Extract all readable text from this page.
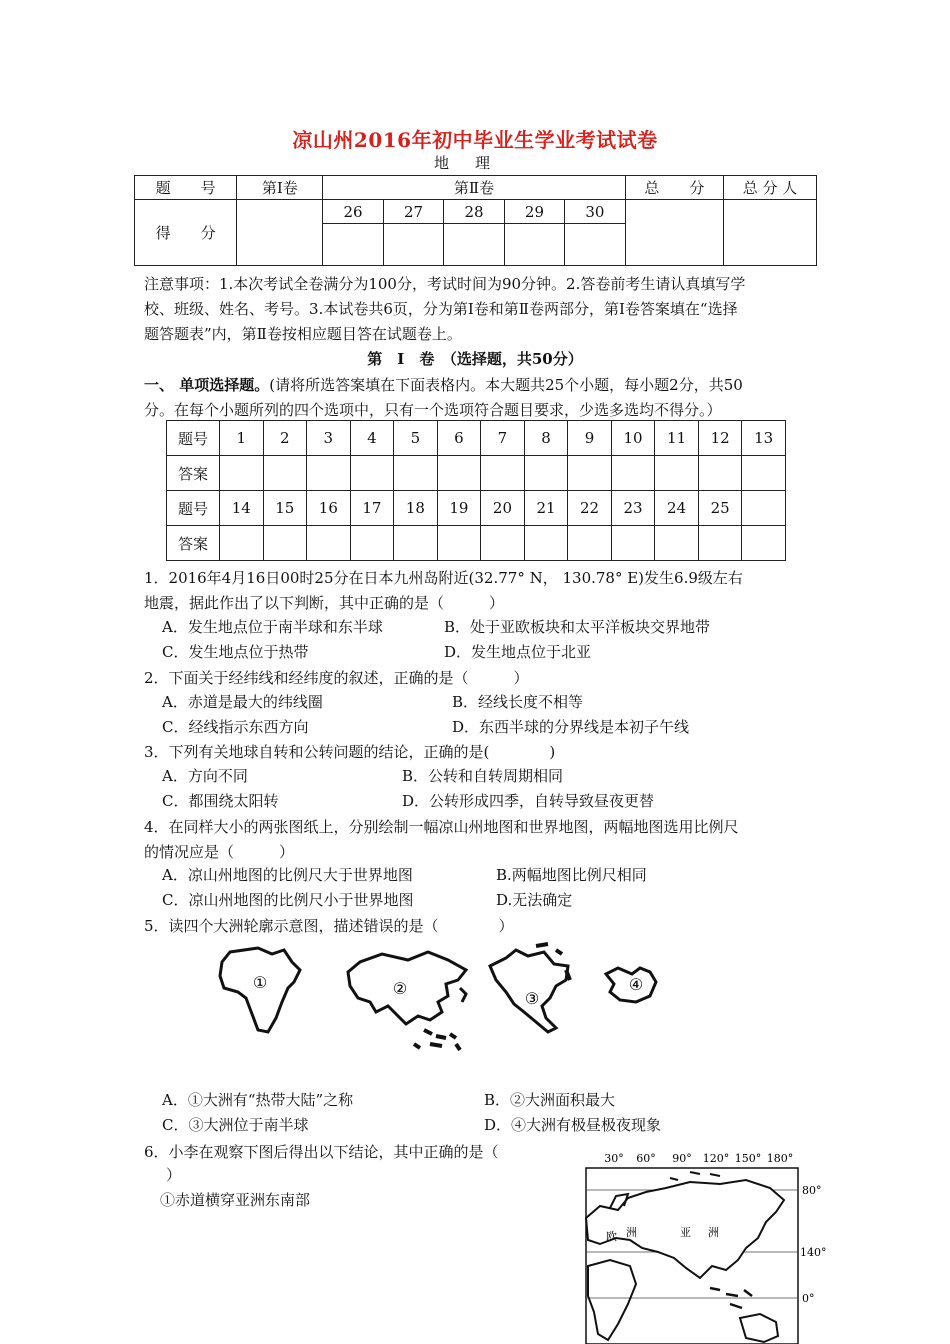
凉山州2016年初中毕业生学业考试试卷
地理
题　　号	第Ⅰ卷	第Ⅱ卷					总　　分	总 分 人
得　　分		26	27	28	29	30		

注意事项：1.本次考试全卷满分为100分，考试时间为90分钟。2.答卷前考生请认真填写学
校、班级、姓名、考号。3.本试卷共6页，分为第Ⅰ卷和第Ⅱ卷两部分，第Ⅰ卷答案填在“选择
题答题表”内，第Ⅱ卷按相应题目答在试题卷上。
第　Ⅰ　卷　（选择题，共50分）
一、 单项选择题。(请将所选答案填在下面表格内。本大题共25个小题，每小题2分，共50
分。在每个小题所列的四个选项中，只有一个选项符合题目要求，少选多选均不得分。）
题号	1	2	3	4	5	6	7	8	9	10	11	12	13
答案													
题号	14	15	16	17	18	19	20	21	22	23	24	25	
答案													
1．2016年4月16日00时25分在日本九州岛附近(32.77° N， 130.78° E)发生6.9级左右
地震，据此作出了以下判断，其中正确的是（　　　）
A．发生地点位于南半球和东半球	B．处于亚欧板块和太平洋板块交界地带
C．发生地点位于热带	D．发生地点位于北亚
2．下面关于经纬线和经纬度的叙述，正确的是（　　　）
A．赤道是最大的纬线圈	B．经线长度不相等
C．经线指示东西方向	D．东西半球的分界线是本初子午线
3．下列有关地球自转和公转问题的结论，正确的是(　　　　)
A．方向不同	B．公转和自转周期相同
C．都围绕太阳转	D．公转形成四季，自转导致昼夜更替
4．在同样大小的两张图纸上，分别绘制一幅凉山州地图和世界地图，两幅地图选用比例尺
的情况应是（　　　）
A．凉山州地图的比例尺大于世界地图	B.两幅地图比例尺相同
C．凉山州地图的比例尺小于世界地图	D.无法确定
5．读四个大洲轮廓示意图，描述错误的是（　　　　）
①	②
③
④
A．①大洲有“热带大陆”之称	B．②大洲面积最大
C．③大洲位于南半球	D．④大洲有极昼极夜现象
6．小李在观察下图后得出以下结论，其中正确的是（
）
①赤道横穿亚洲东南部
30° 60° 90° 120° 150° 180°
80°
140°
0°
欧 洲	亚 洲
